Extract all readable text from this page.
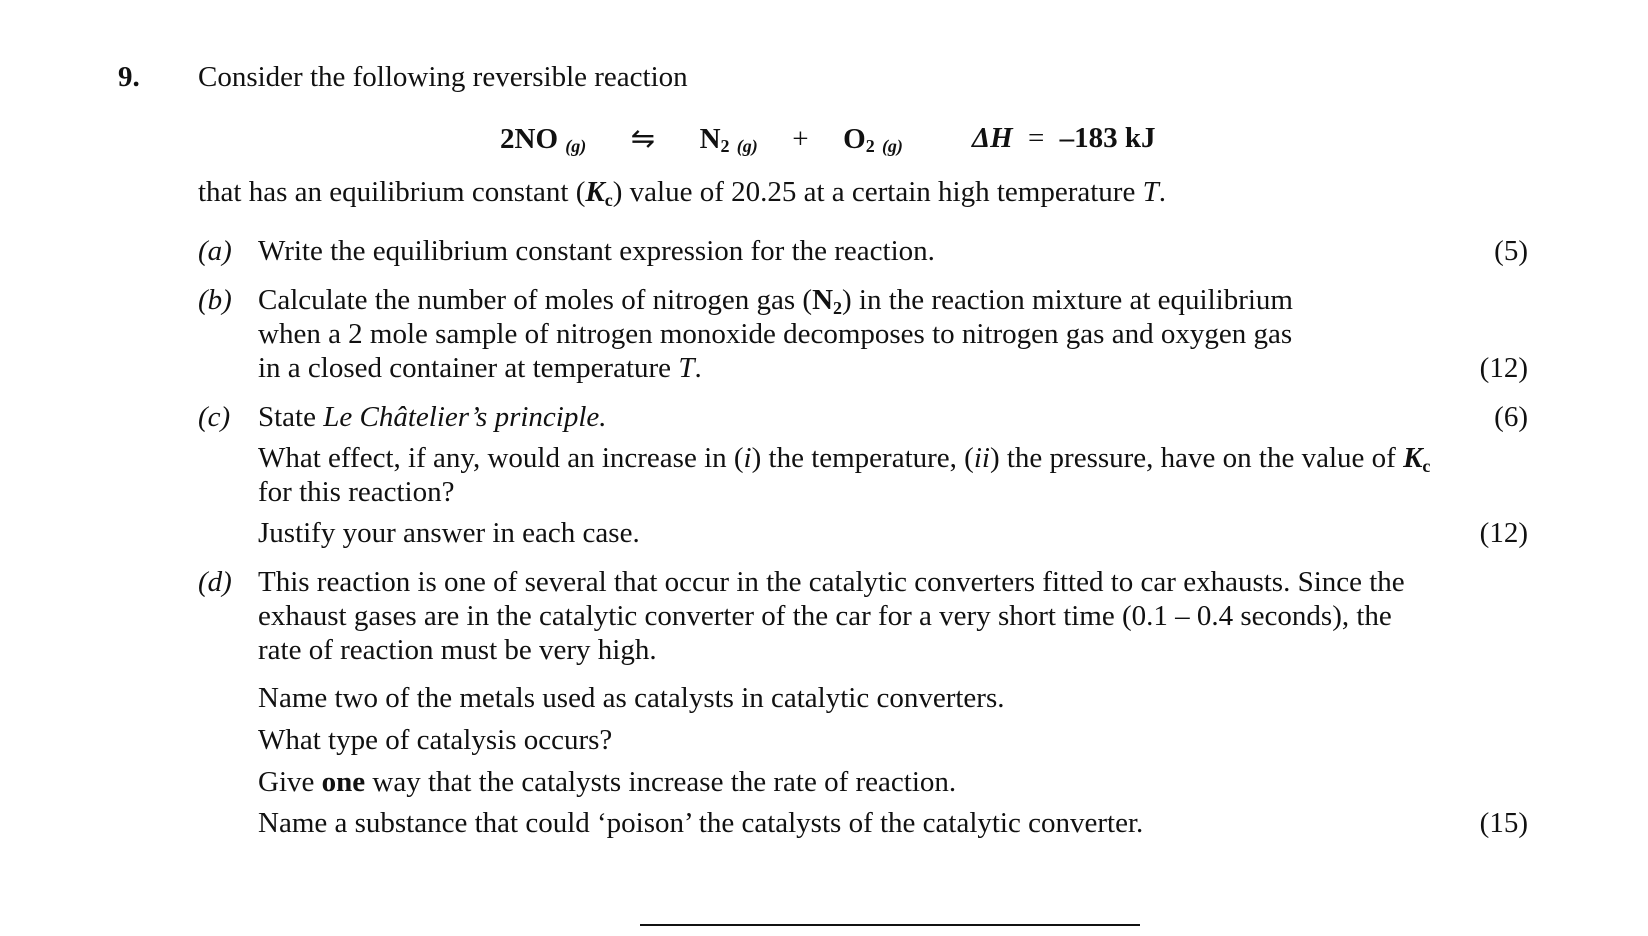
9. Consider the following reversible reaction
2NO $_{(g)}$ ⇋ N2 $_{(g)}$ + O2 $_{(g)}$ ΔH = –183 kJ
that has an equilibrium constant (Kc) value of 20.25 at a certain high temperature T.
(a) Write the equilibrium constant expression for the reaction.	(5)
(b) Calculate the number of moles of nitrogen gas (N2) in the reaction mixture at equilibrium
when a 2 mole sample of nitrogen monoxide decomposes to nitrogen gas and oxygen gas
in a closed container at temperature T.	(12)
(c) State Le Châtelier’s principle.	(6)
What effect, if any, would an increase in (i) the temperature, (ii) the pressure, have on the value of Kc
for this reaction?
Justify your answer in each case.	(12)
(d) This reaction is one of several that occur in the catalytic converters fitted to car exhausts. Since the
exhaust gases are in the catalytic converter of the car for a very short time (0.1 – 0.4 seconds), the
rate of reaction must be very high.
Name two of the metals used as catalysts in catalytic converters.
What type of catalysis occurs?
Give one way that the catalysts increase the rate of reaction.
Name a substance that could ‘poison’ the catalysts of the catalytic converter.	(15)
